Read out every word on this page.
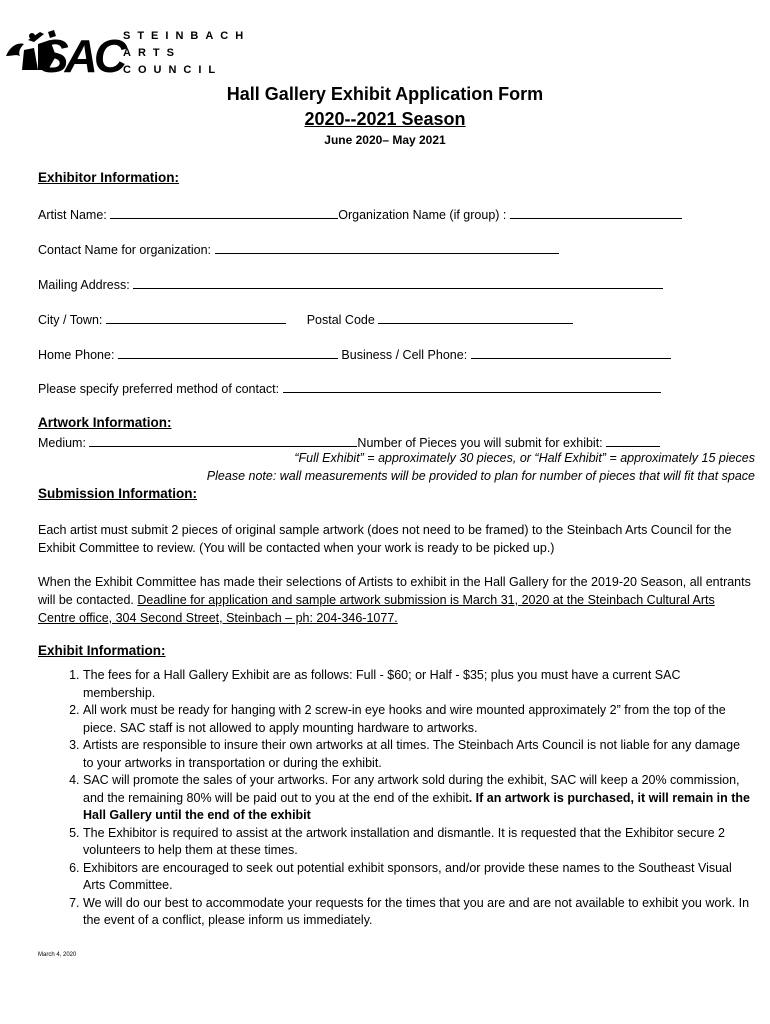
SAC STEINBACH
ARTS
COUNCIL
Hall Gallery Exhibit Application Form
2020--2021 Season
June 2020– May 2021
Exhibitor Information:
Artist Name:	Organization Name (if group) :
Contact Name for organization:
Mailing Address:
City / Town:	Postal Code
Home Phone:	Business / Cell Phone:
Please specify preferred method of contact:
Artwork Information:
Medium:	Number of Pieces you will submit for exhibit:
“Full Exhibit” = approximately 30 pieces, or “Half Exhibit” = approximately 15 pieces
Please note: wall measurements will be provided to plan for number of pieces that will fit that space
Submission Information:
Each artist must submit 2 pieces of original sample artwork (does not need to be framed) to the Steinbach Arts Council for the Exhibit Committee to review. (You will be contacted when your work is ready to be picked up.)
When the Exhibit Committee has made their selections of Artists to exhibit in the Hall Gallery for the 2019-20 Season, all entrants will be contacted. Deadline for application and sample artwork submission is March 31, 2020 at the Steinbach Cultural Arts Centre office, 304 Second Street, Steinbach – ph: 204-346-1077.
Exhibit Information:
1. The fees for a Hall Gallery Exhibit are as follows: Full - $60; or Half - $35; plus you must have a current SAC membership.
2. All work must be ready for hanging with 2 screw-in eye hooks and wire mounted approximately 2” from the top of the piece. SAC staff is not allowed to apply mounting hardware to artworks.
3. Artists are responsible to insure their own artworks at all times. The Steinbach Arts Council is not liable for any damage to your artworks in transportation or during the exhibit.
4. SAC will promote the sales of your artworks. For any artwork sold during the exhibit, SAC will keep a 20% commission, and the remaining 80% will be paid out to you at the end of the exhibit. If an artwork is purchased, it will remain in the Hall Gallery until the end of the exhibit
5. The Exhibitor is required to assist at the artwork installation and dismantle. It is requested that the Exhibitor secure 2 volunteers to help them at these times.
6. Exhibitors are encouraged to seek out potential exhibit sponsors, and/or provide these names to the Southeast Visual Arts Committee.
7. We will do our best to accommodate your requests for the times that you are and are not available to exhibit you work. In the event of a conflict, please inform us immediately.
March 4, 2020
